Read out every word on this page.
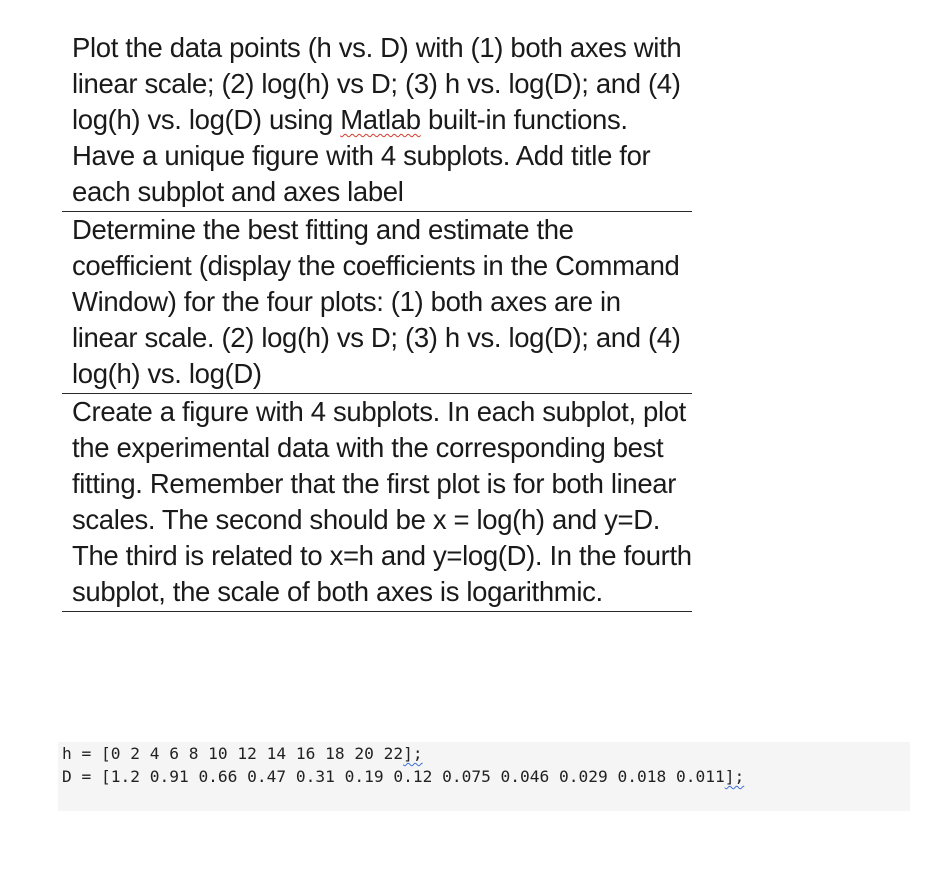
Plot the data points (h vs. D) with (1) both axes with linear scale; (2) log(h) vs D; (3) h vs. log(D); and (4) log(h) vs. log(D) using Matlab built-in functions. Have a unique figure with 4 subplots. Add title for each subplot and axes label

Determine the best fitting and estimate the coefficient (display the coefficients in the Command Window) for the four plots: (1) both axes are in linear scale. (2) log(h) vs D; (3) h vs. log(D); and (4) log(h) vs. log(D)

Create a figure with 4 subplots. In each subplot, plot the experimental data with the corresponding best fitting. Remember that the first plot is for both linear scales. The second should be x = log(h) and y=D. The third is related to x=h and y=log(D). In the fourth subplot, the scale of both axes is logarithmic.

h = [0 2 4 6 8 10 12 14 16 18 20 22];
D = [1.2 0.91 0.66 0.47 0.31 0.19 0.12 0.075 0.046 0.029 0.018 0.011];
